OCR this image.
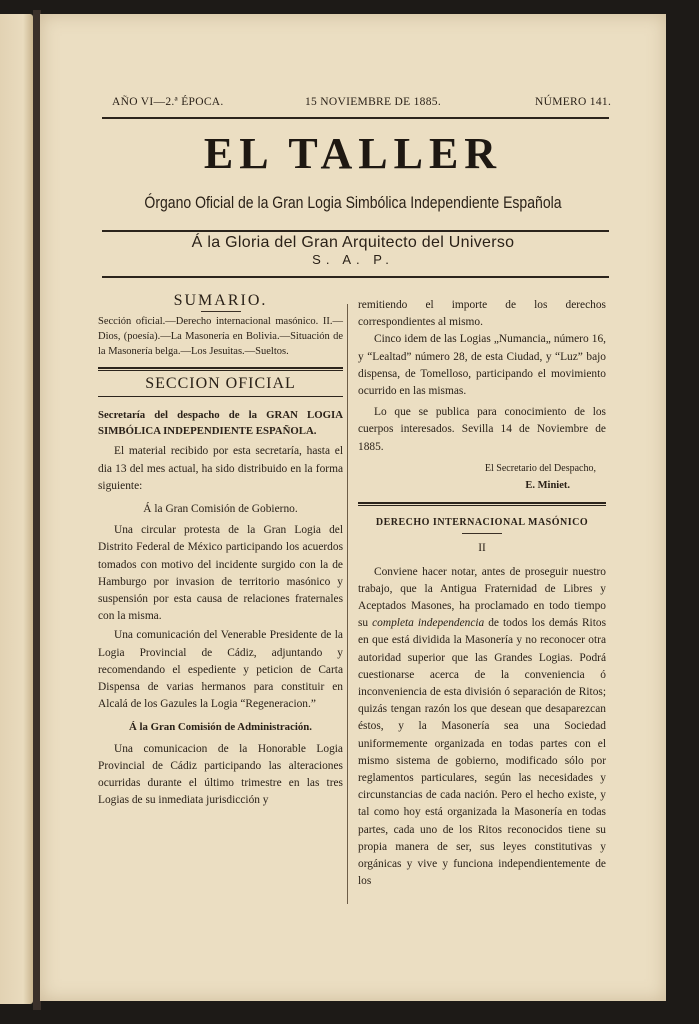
AÑO VI—2.ª ÉPOCA.	15 NOVIEMBRE DE 1885.	NÚMERO 141.
EL TALLER
Órgano Oficial de la Gran Logia Simbólica Independiente Española
Á la Gloria del Gran Arquitecto del Universo
S. A. P.
SUMARIO.

Sección oficial.—Derecho internacional masónico. II.—Dios, (poesía).—La Masonería en Bolivia.—Situación de la Masonería belga.—Los Jesuitas.—Sueltos.

SECCION OFICIAL

Secretaría del despacho de la GRAN LOGIA SIMBÓLICA INDEPENDIENTE ESPAÑOLA.

El material recibido por esta secretaría, hasta el dia 13 del mes actual, ha sido distribuido en la forma siguiente:

Á la Gran Comisión de Gobierno.

Una circular protesta de la Gran Logia del Distrito Federal de México participando los acuerdos tomados con motivo del incidente surgido con la de Hamburgo por invasion de territorio masónico y suspensión por esta causa de relaciones fraternales con la misma.

Una comunicación del Venerable Presidente de la Logia Provincial de Cádiz, adjuntando y recomendando el espediente y peticion de Carta Dispensa de varias hermanos para constituir en Alcalá de los Gazules la Logia “Regeneracion.”

Á la Gran Comisión de Administración.

Una comunicacion de la Honorable Logia Provincial de Cádiz participando las alteraciones ocurridas durante el último trimestre en las tres Logias de su inmediata jurisdicción y

remitiendo el importe de los derechos correspondientes al mismo.

Cinco idem de las Logias „Numancia„ número 16, y “Lealtad” número 28, de esta Ciudad, y “Luz” bajo dispensa, de Tomelloso, participando el movimiento ocurrido en las mismas.

Lo que se publica para conocimiento de los cuerpos interesados. Sevilla 14 de Noviembre de 1885.

El Secretario del Despacho,

E. Miniet.

DERECHO INTERNACIONAL MASÓNICO

II

Conviene hacer notar, antes de proseguir nuestro trabajo, que la Antigua Fraternidad de Libres y Aceptados Masones, ha proclamado en todo tiempo su completa independencia de todos los demás Ritos en que está dividida la Masonería y no reconocer otra autoridad superior que las Grandes Logias. Podrá cuestionarse acerca de la conveniencia ó inconveniencia de esta división ó separación de Ritos; quizás tengan razón los que desean que desaparezcan éstos, y la Masonería sea una Sociedad uniformemente organizada en todas partes con el mismo sistema de gobierno, modificado sólo por reglamentos particulares, según las necesidades y circunstancias de cada nación. Pero el hecho existe, y tal como hoy está organizada la Masonería en todas partes, cada uno de los Ritos reconocidos tiene su propia manera de ser, sus leyes constitutivas y orgánicas y vive y funciona independientemente de los
